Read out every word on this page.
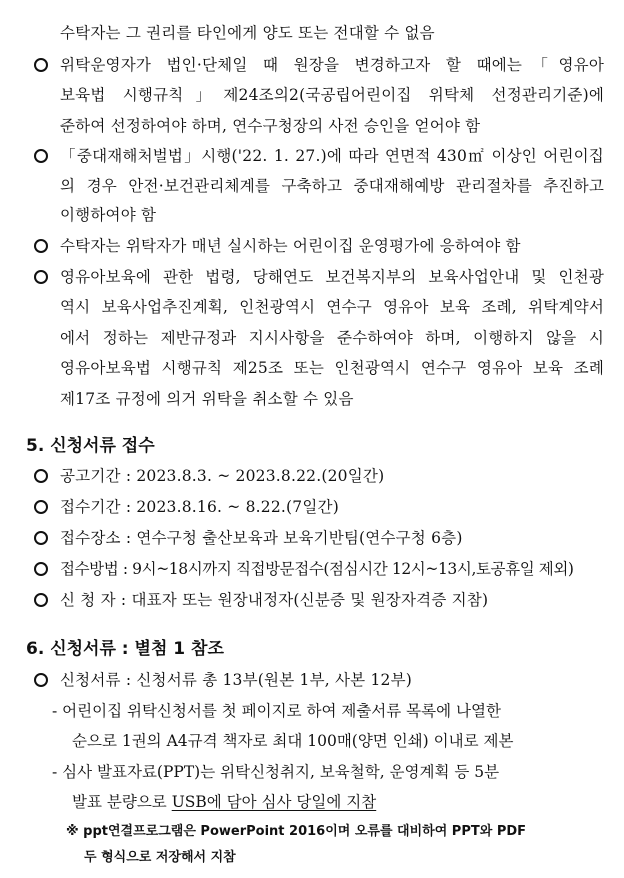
수탁자는 그 권리를 타인에게 양도 또는 전대할 수 없음
위탁운영자가 법인·단체일 때 원장을 변경하고자 할 때에는「영유아
보육법 시행규칙」제24조의2(국공립어린이집 위탁체 선정관리기준)에
준하여 선정하여야 하며, 연수구청장의 사전 승인을 얻어야 함
「중대재해처벌법」시행('22. 1. 27.)에 따라 연면적 430㎡ 이상인 어린이집
의 경우 안전·보건관리체계를 구축하고 중대재해예방 관리절차를 추진하고
이행하여야 함
수탁자는 위탁자가 매년 실시하는 어린이집 운영평가에 응하여야 함
영유아보육에 관한 법령, 당해연도 보건복지부의 보육사업안내 및 인천광
역시 보육사업추진계획, 인천광역시 연수구 영유아 보육 조례, 위탁계약서
에서 정하는 제반규정과 지시사항을 준수하여야 하며, 이행하지 않을 시
영유아보육법 시행규칙 제25조 또는 인천광역시 연수구 영유아 보육 조례
제17조 규정에 의거 위탁을 취소할 수 있음
5. 신청서류 접수
공고기간 : 2023.8.3. ~ 2023.8.22.(20일간)
접수기간 : 2023.8.16. ~ 8.22.(7일간)
접수장소 : 연수구청 출산보육과 보육기반팀(연수구청 6층)
접수방법 : 9시~18시까지 직접방문접수(점심시간 12시~13시,토공휴일 제외)
신 청 자 : 대표자 또는 원장내정자(신분증 및 원장자격증 지참)
6. 신청서류 : 별첨 1 참조
신청서류 : 신청서류 총 13부(원본 1부, 사본 12부)
- 어린이집 위탁신청서를 첫 페이지로 하여 제출서류 목록에 나열한
순으로 1권의 A4규격 책자로 최대 100매(양면 인쇄) 이내로 제본
- 심사 발표자료(PPT)는 위탁신청취지, 보육철학, 운영계획 등 5분
발표 분량으로 USB에 담아 심사 당일에 지참
※ ppt연결프로그램은 PowerPoint 2016이며 오류를 대비하여 PPT와 PDF
두 형식으로 저장해서 지참
